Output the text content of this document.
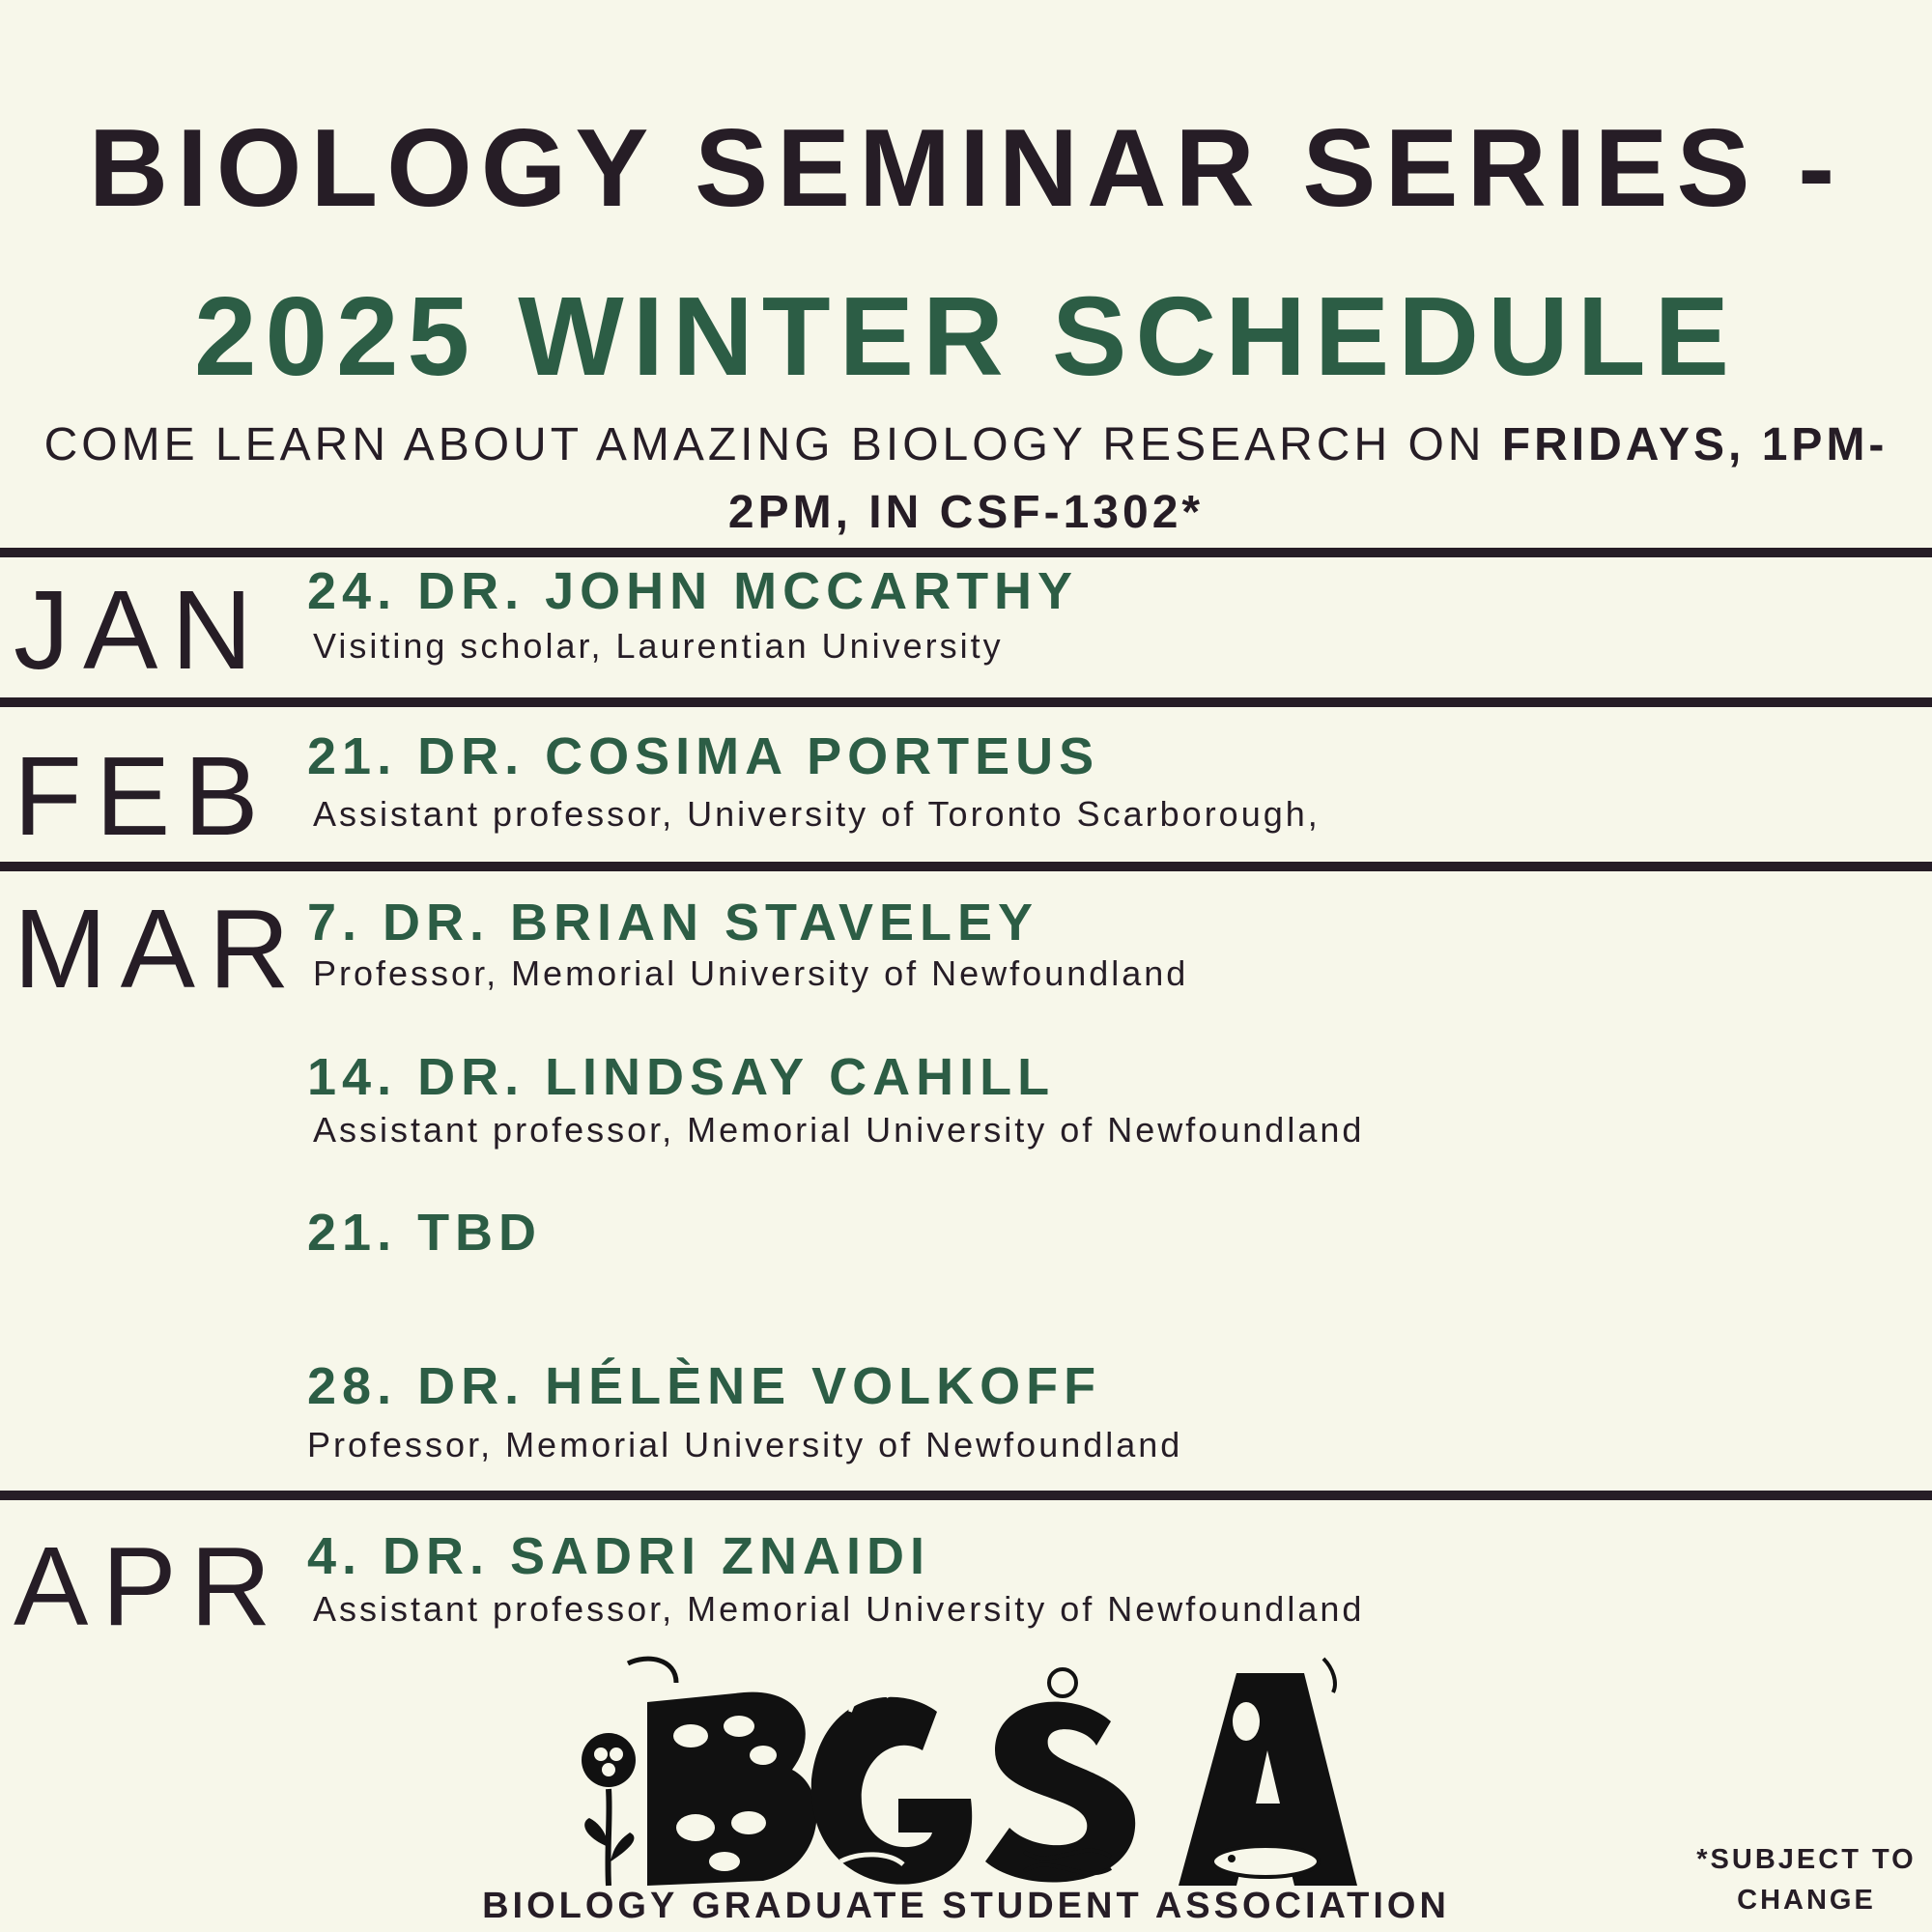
BIOLOGY SEMINAR SERIES -
2025 WINTER SCHEDULE
COME LEARN ABOUT AMAZING BIOLOGY RESEARCH ON FRIDAYS, 1PM-
2PM, IN CSF-1302*
JAN 24. DR. JOHN MCCARTHY
Visiting scholar, Laurentian University
FEB 21. DR. COSIMA PORTEUS
Assistant professor, University of Toronto Scarborough,
MAR 7. DR. BRIAN STAVELEY
Professor, Memorial University of Newfoundland
14. DR. LINDSAY CAHILL
Assistant professor, Memorial University of Newfoundland
21. TBD
28. DR. HÉLÈNE VOLKOFF
Professor, Memorial University of Newfoundland
APR 4. DR. SADRI ZNAIDI
Assistant professor, Memorial University of Newfoundland
BIOLOGY GRADUATE STUDENT ASSOCIATION
*SUBJECT TO
CHANGE
